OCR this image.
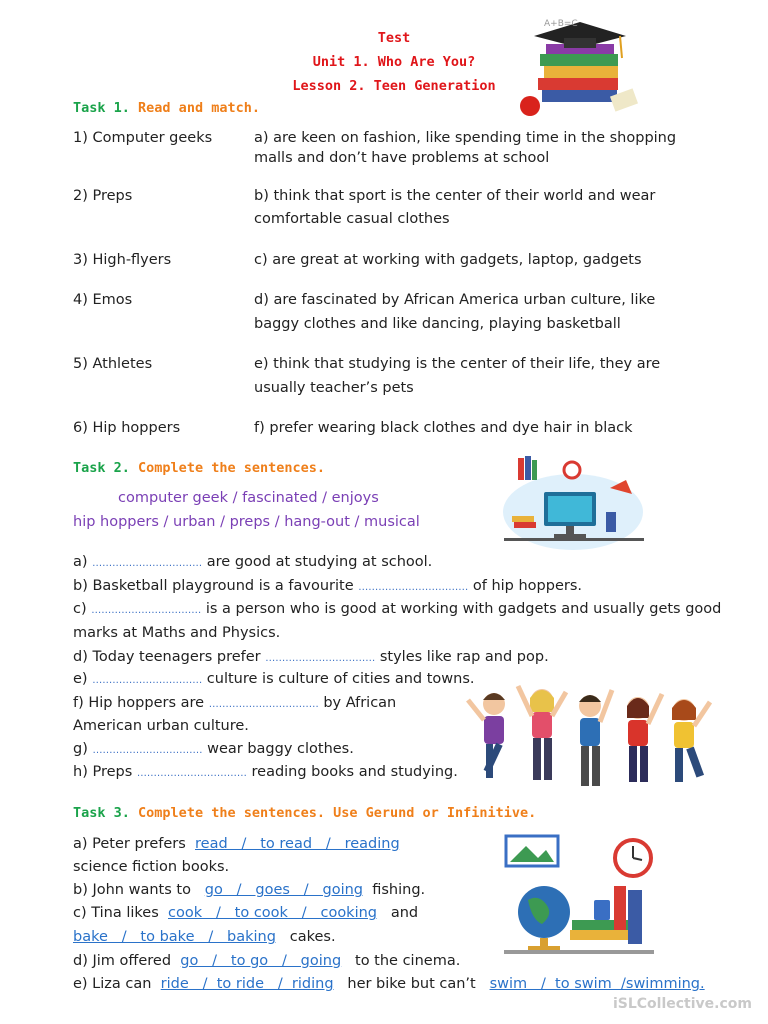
Test
Unit 1. Who Are You?
Lesson 2. Teen Generation
A+B=C
Task 1. Read and match.
1) Computer geeks	a) are keen on fashion, like spending time in the shopping
malls and don’t have problems at school
2) Preps	b) think that sport is the center of their world and wear
comfortable casual clothes
3) High-flyers	c) are great at working with gadgets, laptop, gadgets
4) Emos	d) are fascinated by African America urban culture, like
baggy clothes and like dancing, playing basketball
5) Athletes	e) think that studying is the center of their life, they are
usually teacher’s pets
6) Hip hoppers	f) prefer wearing black clothes and dye hair in black
Task 2. Complete the sentences.
computer geek / fascinated / enjoys
hip hoppers / urban / preps / hang-out / musical
a) …………………………… are good at studying at school.
b) Basketball playground is a favourite …………………………… of hip hoppers.
c) …………………………… is a person who is good at working with gadgets and usually gets good
marks at Maths and Physics.
d) Today teenagers prefer …………………………… styles like rap and pop.
e) …………………………… culture is culture of cities and towns.
f) Hip hoppers are …………………………… by African
American urban culture.
g) …………………………… wear baggy clothes.
h) Preps …………………………… reading books and studying.
Task 3. Complete the sentences. Use Gerund or Infinitive.
a) Peter prefers read   /   to read   /   reading
science fiction books.
b) John wants to go   /   goes   /   going fishing.
c) Tina likes cook   /   to cook   /   cooking and
bake   /   to bake   /   baking cakes.
d) Jim offered go   /   to go   /   going to the cinema.
e) Liza can ride   /  to ride   /  riding her bike but can’t swim   /  to swim  /swimming.
iSLCollective.com
